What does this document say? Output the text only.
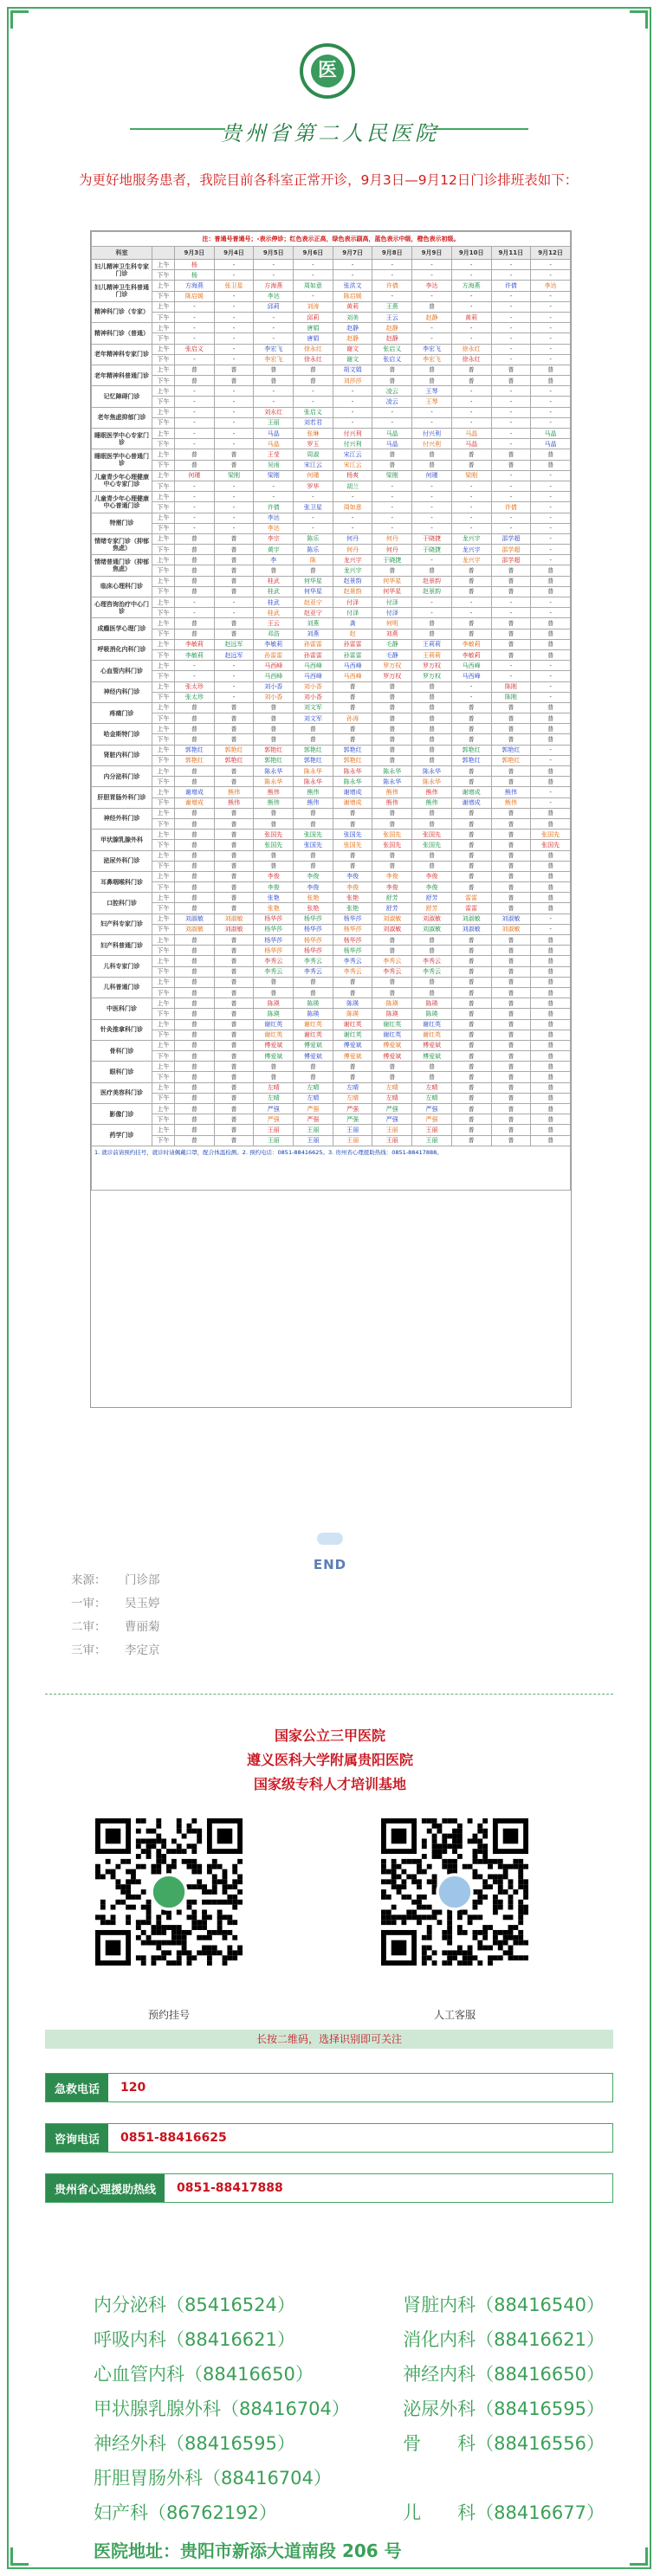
医
贵州省第二人民医院
为更好地服务患者，我院目前各科室正常开诊，9月3日—9月12日门诊排班表如下：
注：普通号普通号；-表示停诊；红色表示正高，绿色表示副高，蓝色表示中级，橙色表示初级。											
科室		9月3日	9月4日	9月5日	9月6日	9月7日	9月8日	9月9日	9月10日	9月11日	9月12日
妇儿精神卫生科专家门诊	上午	杨	-	-	-	-	-	-	-	-	-
	下午	杨	-	-	-	-	-	-	-	-	-
妇儿精神卫生科普通门诊	上午	方海燕	张卫星	方海燕	周如意	张洪文	许倩	李达	方海燕	许倩	李达
	下午	陈启媛	-	李达	-	陈启媛	-	-	-	-	-
精神科门诊（专家）	上午	-	-	邱莉	刘涛	黄莉	王燕	普	-	-	-
	下午	-	-	-	邱莉	刘美	王云	赵静	黄莉	-	-
精神科门诊（普通）	上午	-	-	-	唐娟	赵静	赵静	-	-	-	-
	下午	-	-	-	唐娟	赵静	赵静	-	-	-	-
老年精神科专家门诊	上午	张启义	-	李宏飞	徐永红	谢文	张启义	李宏飞	徐永红	-	-
	下午	-	-	李宏飞	徐永红	谢文	张启义	李宏飞	徐永红	-	-
老年精神科普通门诊	上午	普	普	普	普	胡文娟	普	普	普	普	普
	下午	普	普	普	普	刘莎莎	普	普	普	普	普
记忆障碍门诊	上午	-	-	-	-	-	凌云	王琴	-	-	-
	下午	-	-	-	-	-	凌云	王琴	-	-	-
老年焦虑抑郁门诊	上午	-	-	刘永红	张启义	-	-	-	-	-	-
	下午	-	-	王丽	刘若君	-	-	-	-	-	-
睡眠医学中心专家门诊	上午	-	-	马晶	张琳	付兴利	马晶	付兴利	马晶	-	马晶
	下午	-	-	马晶	罗玉	付兴利	马晶	付兴利	马晶	-	马晶
睡眠医学中心普通门诊	上午	普	普	王莹	周淑	宋江云	普	普	普	普	普
	下午	普	普	吴雨	宋江云	宋江云	普	普	普	普	普
儿童青少年心理健康中心专家门诊	上午	何瑾	梁刚	梁刚	何瑾	杨爽	梁刚	何瑾	梁刚	-	-
	下午	-	-	-	罗华	胡兰	-	-	-	-	-
儿童青少年心理健康中心普通门诊	上午	-	-	-	-	-	-	-	-	-	-
	下午	-	-	许倩	张卫星	周如意	-	-	-	许倩	-
特需门诊	上午	-	-	李达	-	-	-	-	-	-	-
	下午	-	-	李达	-	-	-	-	-	-	-
情绪专家门诊（抑郁焦虑）	上午	普	普	李宗	陈乐	何丹	何丹	于晓捷	龙兴宇	邵学超	-
	下午	普	普	黄宇	陈乐	何丹	何丹	于晓捷	龙兴宇	邵学超	-
情绪普通门诊（抑郁焦虑）	上午	普	普	李	陈	龙兴宇	于晓捷	-	龙兴宇	邵学超	-
	下午	普	普	普	普	龙兴宇	普	普	普	普	普
临床心理科门诊	上午	普	普	桂武	何华星	赵景韵	何华星	赵景韵	普	普	普
	下午	普	普	桂武	何华星	赵景韵	何华星	赵景韵	普	普	普
心理咨询治疗中心门诊	上午	-	-	桂武	赵亚宁	付泽	付泽	-	-	-	-
	下午	-	-	桂武	赵亚宁	付泽	付泽	-	-	-	-
成瘾医学心理门诊	上午	普	普	王云	刘燕	龚	何明	普	普	普	普
	下午	普	普	邓浩	刘燕	赵	刘燕	普	普	普	普
呼吸消化内科门诊	上午	李敏莉	赵远军	李敏莉	孙雷雷	孙雷雷	毛静	王莉莉	李敏莉	普	普
	下午	李敏莉	赵远军	孙雷雷	孙雷雷	孙雷雷	毛静	王莉莉	李敏莉	普	普
心血管内科门诊	上午	-	-	马西峰	马西峰	马西峰	罗万权	罗万权	马西峰	-	-
	下午	-	-	马西峰	马西峰	马西峰	罗万权	罗万权	马西峰	-	-
神经内科门诊	上午	张太珍	-	刘小香	刘小香	普	普	普	-	陈刚	-
	下午	张太珍	-	刘小香	刘小香	普	普	普	-	陈刚	-
疼痛门诊	上午	普	普	普	刘文军	普	普	普	普	普	普
	下午	普	普	普	刘文军	孙涛	普	普	普	普	普
哈金斯特门诊	上午	普	普	普	普	普	普	普	普	普	普
	下午	普	普	普	普	普	普	普	普	普	普
肾脏内科门诊	上午	郭艳红	郭艳红	郭艳红	郭艳红	郭艳红	普	普	郭艳红	郭艳红	-
	下午	郭艳红	郭艳红	郭艳红	郭艳红	郭艳红	普	普	郭艳红	郭艳红	-
内分泌科门诊	上午	普	普	陈永华	陈永华	陈永华	陈永华	陈永华	普	普	普
	下午	普	普	陈永华	陈永华	陈永华	陈永华	陈永华	普	普	普
肝胆胃肠外科门诊	上午	谢增成	熊伟	熊伟	熊伟	谢增成	熊伟	熊伟	谢增成	熊伟	-
	下午	谢增成	熊伟	熊伟	熊伟	谢增成	熊伟	熊伟	谢增成	熊伟	-
神经外科门诊	上午	普	普	普	普	普	普	普	普	普	普
	下午	普	普	普	普	普	普	普	普	普	普
甲状腺乳腺外科	上午	普	普	张国先	张国先	张国先	张国先	张国先	普	普	张国先
	下午	普	普	张国先	张国先	张国先	张国先	张国先	普	普	张国先
泌尿外科门诊	上午	普	普	普	普	普	普	普	普	普	普
	下午	普	普	普	普	普	普	普	普	普	普
耳鼻咽喉科门诊	上午	普	普	李俊	李俊	李俊	李俊	李俊	普	普	普
	下午	普	普	李俊	李俊	李俊	李俊	李俊	普	普	普
口腔科门诊	上午	普	普	张艳	张艳	张艳	舒芳	舒芳	雷雷	普	普
	下午	普	普	张艳	张艳	张艳	舒芳	舒芳	雷雷	普	普
妇产科专家门诊	上午	刘淑敏	刘淑敏	杨华莎	杨华莎	杨华莎	刘淑敏	刘淑敏	刘淑敏	刘淑敏	-
	下午	刘淑敏	刘淑敏	杨华莎	杨华莎	杨华莎	刘淑敏	刘淑敏	刘淑敏	刘淑敏	-
妇产科普通门诊	上午	普	普	杨华莎	杨华莎	杨华莎	普	普	普	普	普
	下午	普	普	杨华莎	杨华莎	杨华莎	普	普	普	普	普
儿科专家门诊	上午	普	普	李秀云	李秀云	李秀云	李秀云	李秀云	普	普	普
	下午	普	普	李秀云	李秀云	李秀云	李秀云	李秀云	普	普	普
儿科普通门诊	上午	普	普	普	普	普	普	普	普	普	普
	下午	普	普	普	普	普	普	普	普	普	普
中医科门诊	上午	普	普	陈瑛	陈瑛	陈瑛	陈瑛	陈瑛	普	普	普
	下午	普	普	陈瑛	陈瑛	陈瑛	陈瑛	陈瑛	普	普	普
针灸推拿科门诊	上午	普	普	谢红英	谢红英	谢红英	谢红英	谢红英	普	普	普
	下午	普	普	谢红英	谢红英	谢红英	谢红英	谢红英	普	普	普
骨科门诊	上午	普	普	傅爱斌	傅爱斌	傅爱斌	傅爱斌	傅爱斌	普	普	普
	下午	普	普	傅爱斌	傅爱斌	傅爱斌	傅爱斌	傅爱斌	普	普	普
眼科门诊	上午	普	普	普	普	普	普	普	普	普	普
	下午	普	普	普	普	普	普	普	普	普	普
医疗美容科门诊	上午	普	普	左晴	左晴	左晴	左晴	左晴	普	普	普
	下午	普	普	左晴	左晴	左晴	左晴	左晴	普	普	普
影像门诊	上午	普	普	严强	严强	严强	严强	严强	普	普	普
	下午	普	普	严强	严强	严强	严强	严强	普	普	普
药学门诊	上午	普	普	王丽	王丽	王丽	王丽	王丽	普	普	普
	下午	普	普	王丽	王丽	王丽	王丽	王丽	普	普	普
1. 就诊前请预约挂号，就诊时请佩戴口罩，配合体温检测。2. 预约电话：0851-88416625。3. 贵州省心理援助热线：0851-88417888。											
END
来源：	门诊部
一审：	吴玉婷
二审：	曹丽菊
三审：	李定京
国家公立三甲医院
遵义医科大学附属贵阳医院
国家级专科人才培训基地
预约挂号	人工客服
长按二维码，选择识别即可关注
急救电话	120
咨询电话	0851-88416625
贵州省心理援助热线	0851-88417888
内分泌科（85416524）	肾脏内科（88416540）
呼吸内科（88416621）	消化内科（88416621）
心血管内科（88416650）	神经内科（88416650）
甲状腺乳腺外科（88416704）	泌尿外科（88416595）
神经外科（88416595）	骨　　科（88416556）
肝胆胃肠外科（88416704）
妇产科（86762192）	儿　　科（88416677）
医院地址：贵阳市新添大道南段 206 号
